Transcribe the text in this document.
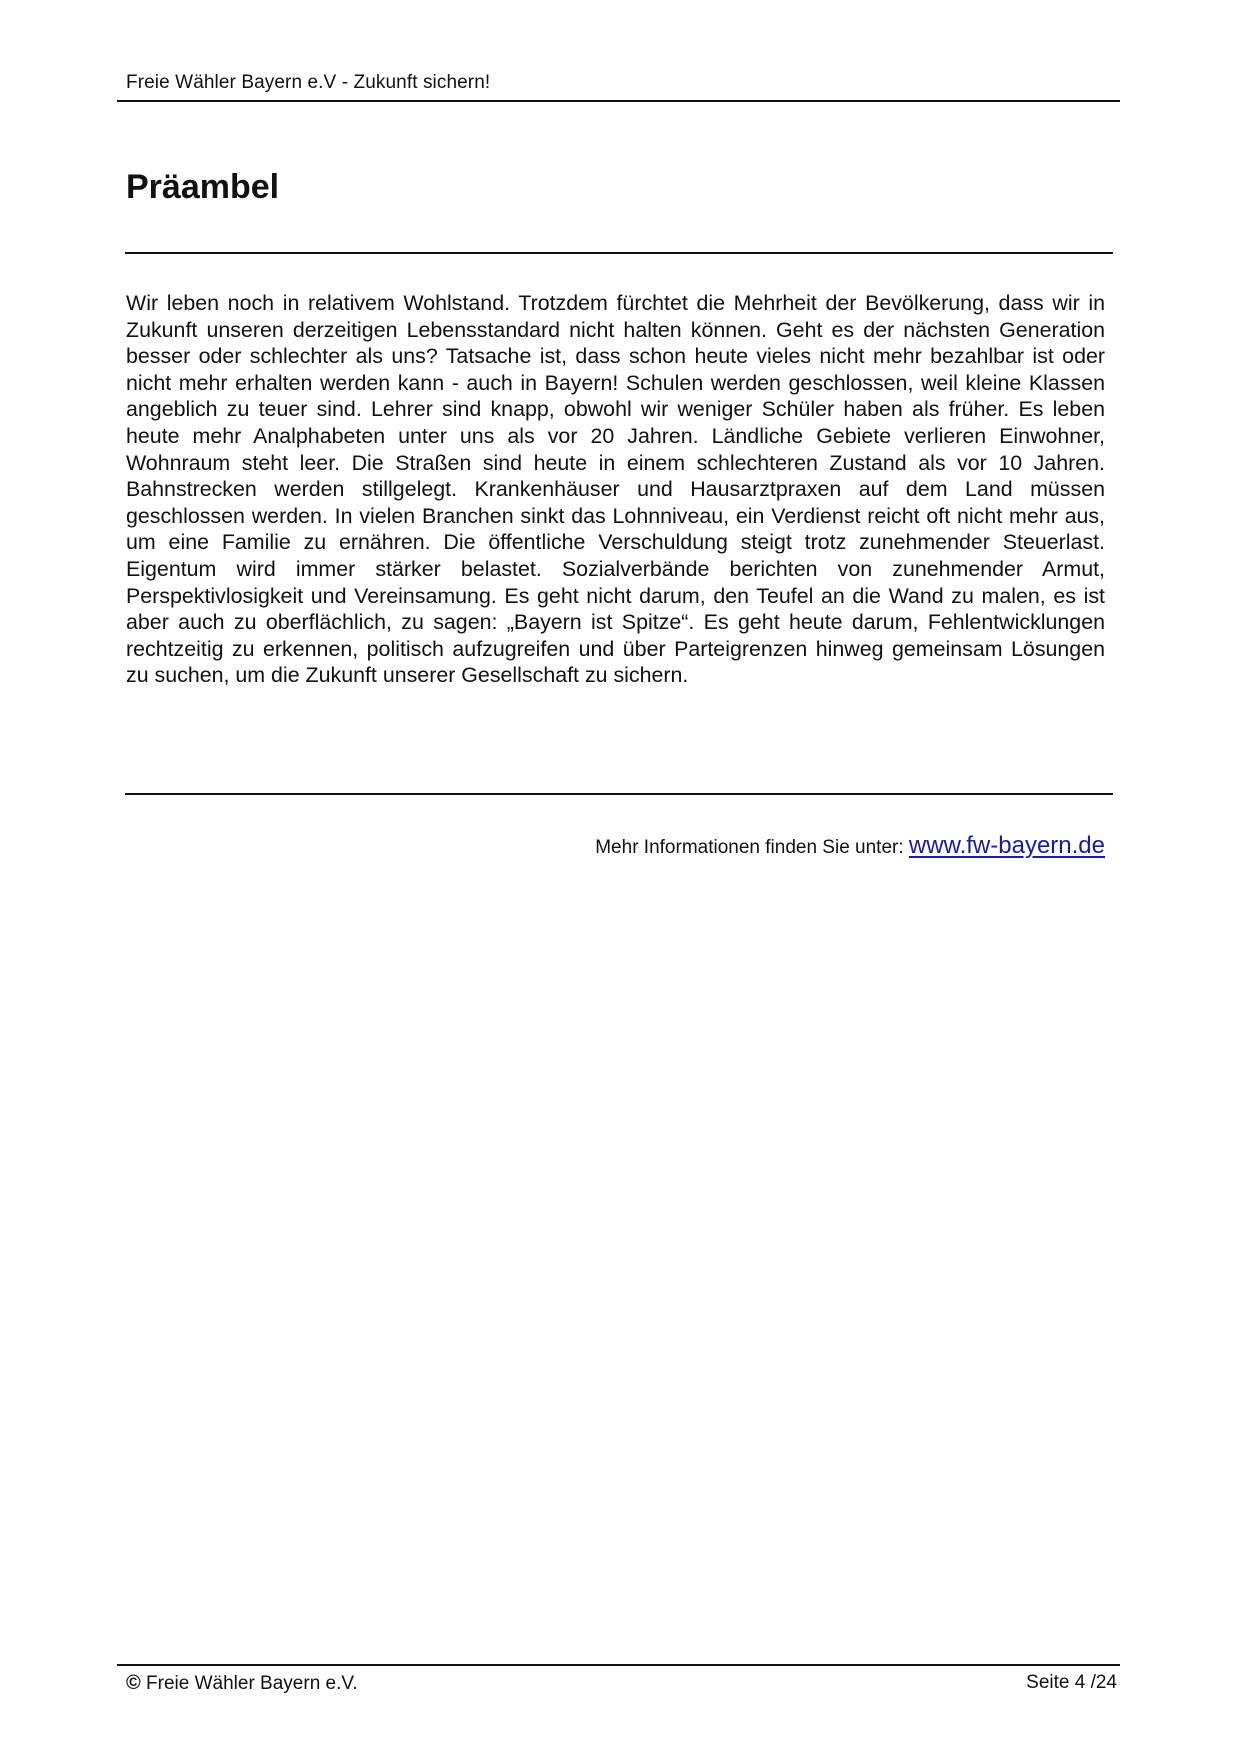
Freie Wähler Bayern e.V - Zukunft sichern!
Präambel

Wir leben noch in relativem Wohlstand. Trotzdem fürchtet die Mehrheit der Bevölkerung, dass wir in Zukunft unseren derzeitigen Lebensstandard nicht halten können. Geht es der nächsten Generation besser oder schlechter als uns? Tatsache ist, dass schon heute vieles nicht mehr bezahlbar ist oder nicht mehr erhalten werden kann - auch in Bayern! Schulen werden geschlossen, weil kleine Klassen angeblich zu teuer sind. Lehrer sind knapp, obwohl wir weniger Schüler haben als früher. Es leben heute mehr Analphabeten unter uns als vor 20 Jahren. Ländliche Gebiete verlieren Einwohner, Wohnraum steht leer. Die Straßen sind heute in einem schlechteren Zustand als vor 10 Jahren. Bahnstrecken werden stillgelegt. Krankenhäuser und Hausarztpraxen auf dem Land müssen geschlossen werden. In vielen Branchen sinkt das Lohnniveau, ein Verdienst reicht oft nicht mehr aus, um eine Familie zu ernähren. Die öffentliche Verschuldung steigt trotz zunehmender Steuerlast. Eigentum wird immer stärker belastet. Sozialverbände berichten von zunehmender Armut, Perspektivlosigkeit und Vereinsamung. Es geht nicht darum, den Teufel an die Wand zu malen, es ist aber auch zu oberflächlich, zu sagen: „Bayern ist Spitze“. Es geht heute darum, Fehlentwicklungen rechtzeitig zu erkennen, politisch aufzugreifen und über Parteigrenzen hinweg gemeinsam Lösungen zu suchen, um die Zukunft unserer Gesellschaft zu sichern.

Mehr Informationen finden Sie unter: www.fw-bayern.de
© Freie Wähler Bayern e.V.	Seite 4 /24
